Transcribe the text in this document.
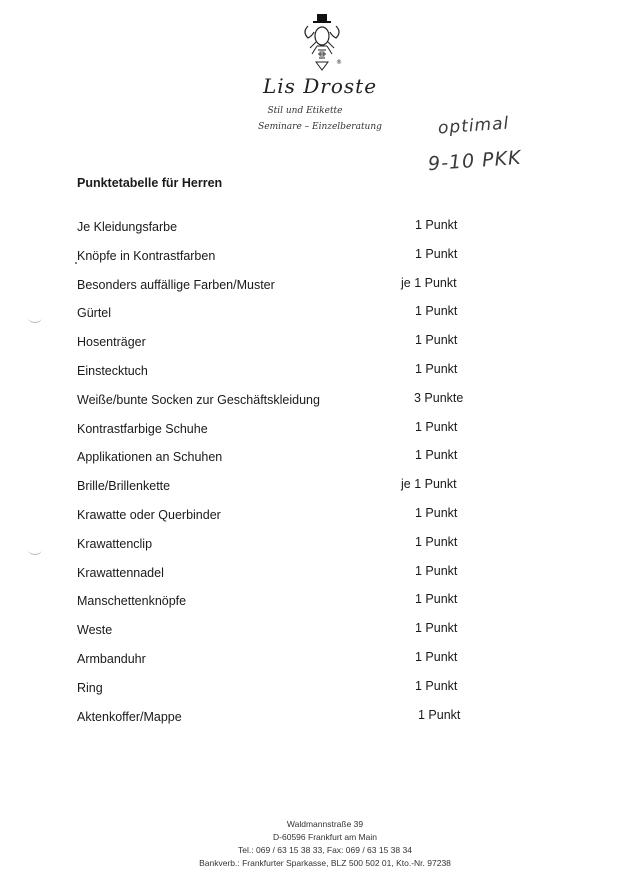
®
Lis Droste
Stil und Etikette
Seminare – Einzelberatung	optimal
9-10 PKK
Punktetabelle für Herren
Je Kleidungsfarbe	1 Punkt
Knöpfe in Kontrastfarben	1 Punkt
Besonders auffällige Farben/Muster	je 1 Punkt
Gürtel	1 Punkt
Hosenträger	1 Punkt
Einstecktuch	1 Punkt
Weiße/bunte Socken zur Geschäftskleidung	3 Punkte
Kontrastfarbige Schuhe	1 Punkt
Applikationen an Schuhen	1 Punkt
Brille/Brillenkette	je 1 Punkt
Krawatte oder Querbinder	1 Punkt
Krawattenclip	1 Punkt
Krawattennadel	1 Punkt
Manschettenknöpfe	1 Punkt
Weste	1 Punkt
Armbanduhr	1 Punkt
Ring	1 Punkt
Aktenkoffer/Mappe	1 Punkt
Waldmannstraße 39
D-60596 Frankfurt am Main
Tel.: 069 / 63 15 38 33, Fax: 069 / 63 15 38 34
Bankverb.: Frankfurter Sparkasse, BLZ 500 502 01, Kto.-Nr. 97238
